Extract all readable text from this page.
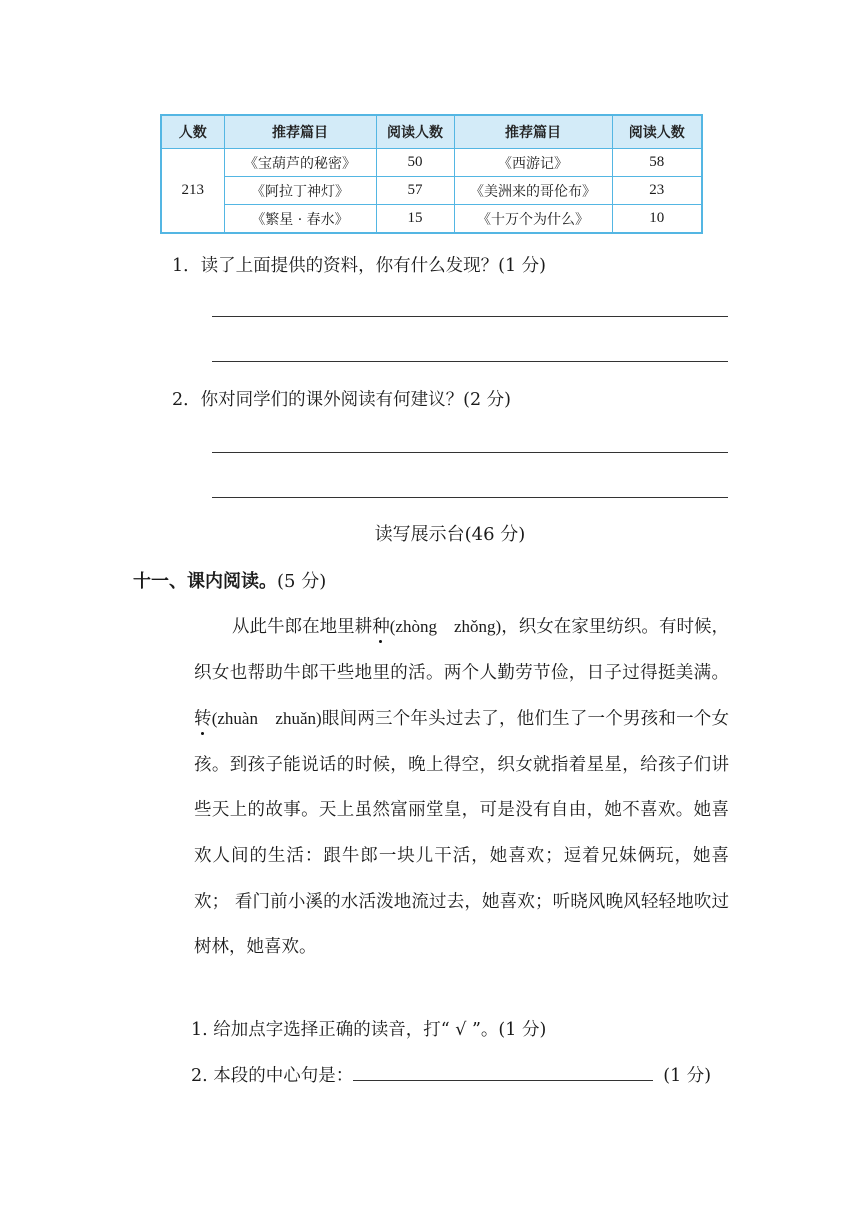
人数	推荐篇目	阅读人数	推荐篇目	阅读人数
213	《宝葫芦的秘密》	50	《西游记》	58
	《阿拉丁神灯》	57	《美洲来的哥伦布》	23
	《繁星 · 春水》	15	《十万个为什么》	10
1．读了上面提供的资料，你有什么发现？(1 分)
2．你对同学们的课外阅读有何建议？(2 分)
读写展示台(46 分)
十一、课内阅读。(5 分)
从此牛郎在地里耕种(zhòng　zhǒng)，织女在家里纺织。有时候，织女也帮助牛郎干些地里的活。两个人勤劳节俭，日子过得挺美满。转(zhuàn　zhuǎn)眼间两三个年头过去了，他们生了一个男孩和一个女孩。到孩子能说话的时候，晚上得空，织女就指着星星，给孩子们讲些天上的故事。天上虽然富丽堂皇，可是没有自由，她不喜欢。她喜欢人间的生活：跟牛郎一块儿干活，她喜欢；逗着兄妹俩玩，她喜欢； 看门前小溪的水活泼地流过去，她喜欢；听晓风晚风轻轻地吹过树林，她喜欢。
1. 给加点字选择正确的读音，打“ √ ”。(1 分)
2. 本段的中心句是：	(1 分)
